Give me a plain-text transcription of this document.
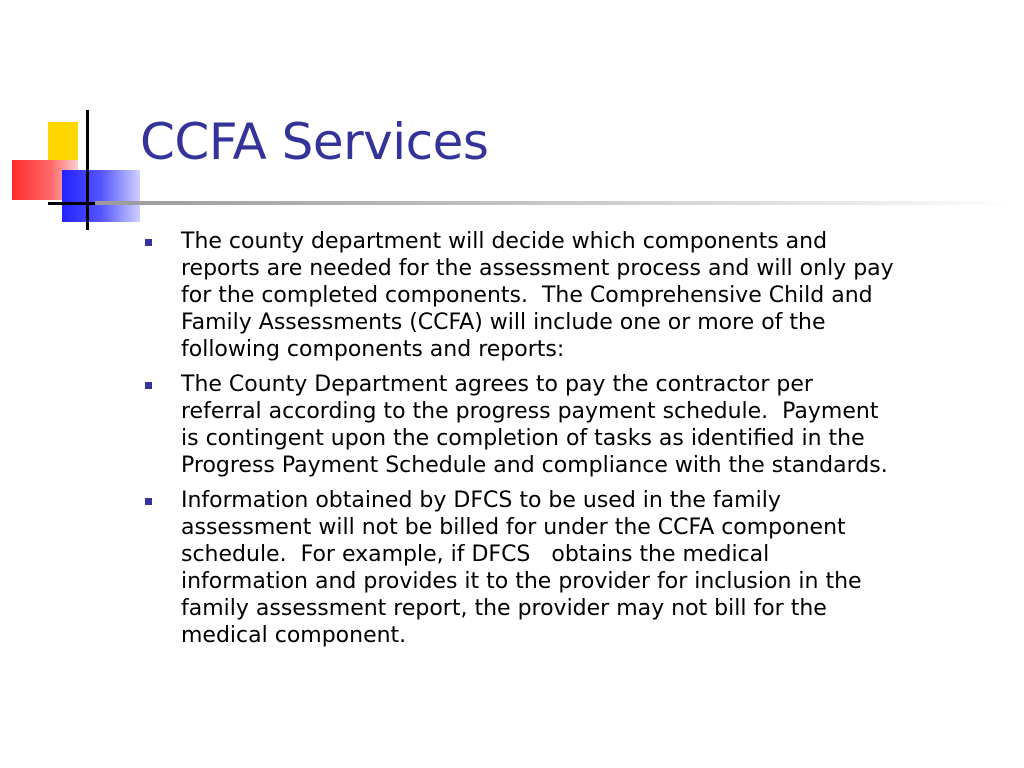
CCFA Services
The county department will decide which components and
reports are needed for the assessment process and will only pay
for the completed components.  The Comprehensive Child and
Family Assessments (CCFA) will include one or more of the
following components and reports:
The County Department agrees to pay the contractor per
referral according to the progress payment schedule.  Payment
is contingent upon the completion of tasks as identified in the
Progress Payment Schedule and compliance with the standards.
Information obtained by DFCS to be used in the family
assessment will not be billed for under the CCFA component
schedule.  For example, if DFCS   obtains the medical
information and provides it to the provider for inclusion in the
family assessment report, the provider may not bill for the
medical component.
